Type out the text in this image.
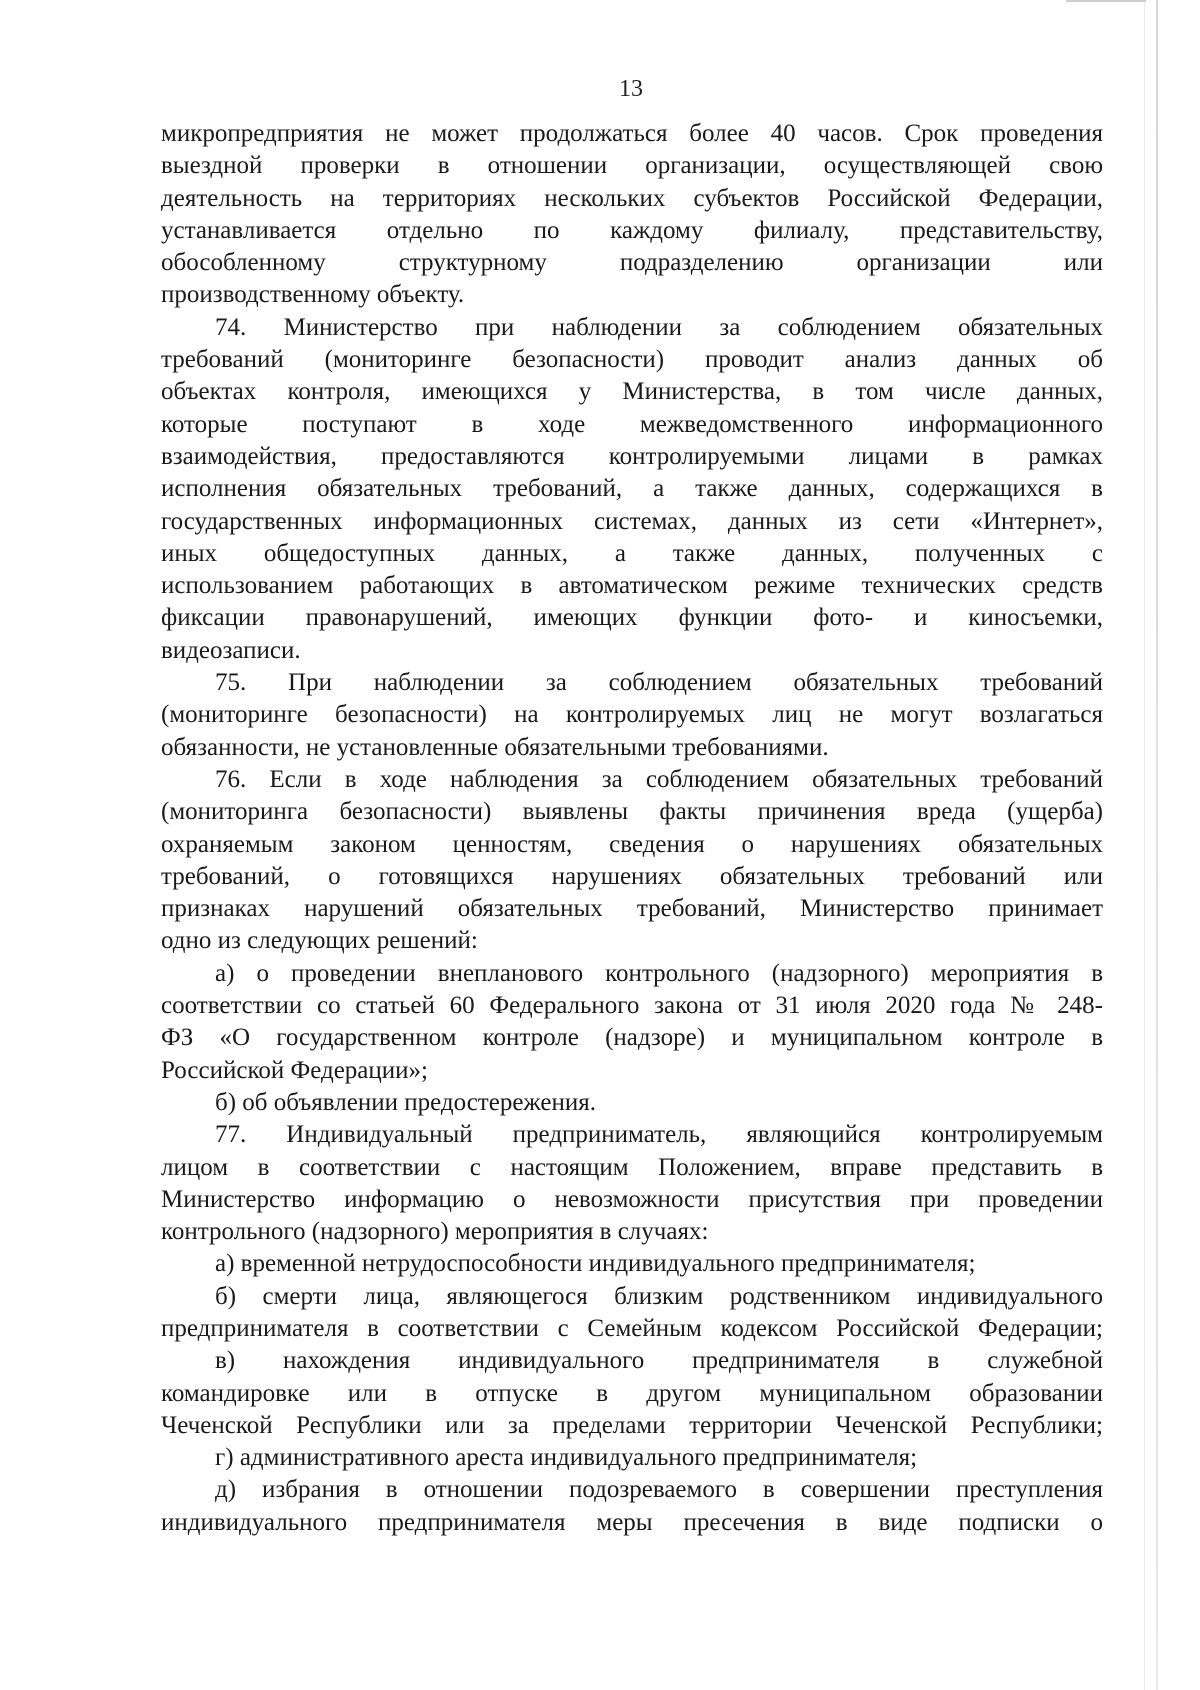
13
микропредприятия не может продолжаться более 40 часов. Срок проведения
выездной проверки в отношении организации, осуществляющей свою
деятельность на территориях нескольких субъектов Российской Федерации,
устанавливается отдельно по каждому филиалу, представительству,
обособленному структурному подразделению организации или
производственному объекту.
74. Министерство при наблюдении за соблюдением обязательных
требований (мониторинге безопасности) проводит анализ данных об
объектах контроля, имеющихся у Министерства, в том числе данных,
которые поступают в ходе межведомственного информационного
взаимодействия, предоставляются контролируемыми лицами в рамках
исполнения обязательных требований, а также данных, содержащихся в
государственных информационных системах, данных из сети «Интернет»,
иных общедоступных данных, а также данных, полученных с
использованием работающих в автоматическом режиме технических средств
фиксации правонарушений, имеющих функции фото- и киносъемки,
видеозаписи.
75. При наблюдении за соблюдением обязательных требований
(мониторинге безопасности) на контролируемых лиц не могут возлагаться
обязанности, не установленные обязательными требованиями.
76. Если в ходе наблюдения за соблюдением обязательных требований
(мониторинга безопасности) выявлены факты причинения вреда (ущерба)
охраняемым законом ценностям, сведения о нарушениях обязательных
требований, о готовящихся нарушениях обязательных требований или
признаках нарушений обязательных требований, Министерство принимает
одно из следующих решений:
а) о проведении внепланового контрольного (надзорного) мероприятия в
соответствии со статьей 60 Федерального закона от 31 июля 2020 года № 248-
ФЗ «О государственном контроле (надзоре) и муниципальном контроле в
Российской Федерации»;
б) об объявлении предостережения.
77. Индивидуальный предприниматель, являющийся контролируемым
лицом в соответствии с настоящим Положением, вправе представить в
Министерство информацию о невозможности присутствия при проведении
контрольного (надзорного) мероприятия в случаях:
а) временной нетрудоспособности индивидуального предпринимателя;
б) смерти лица, являющегося близким родственником индивидуального
предпринимателя в соответствии с Семейным кодексом Российской Федерации;
в) нахождения индивидуального предпринимателя в служебной
командировке или в отпуске в другом муниципальном образовании
Чеченской Республики или за пределами территории Чеченской Республики;
г) административного ареста индивидуального предпринимателя;
д) избрания в отношении подозреваемого в совершении преступления
индивидуального предпринимателя меры пресечения в виде подписки о
